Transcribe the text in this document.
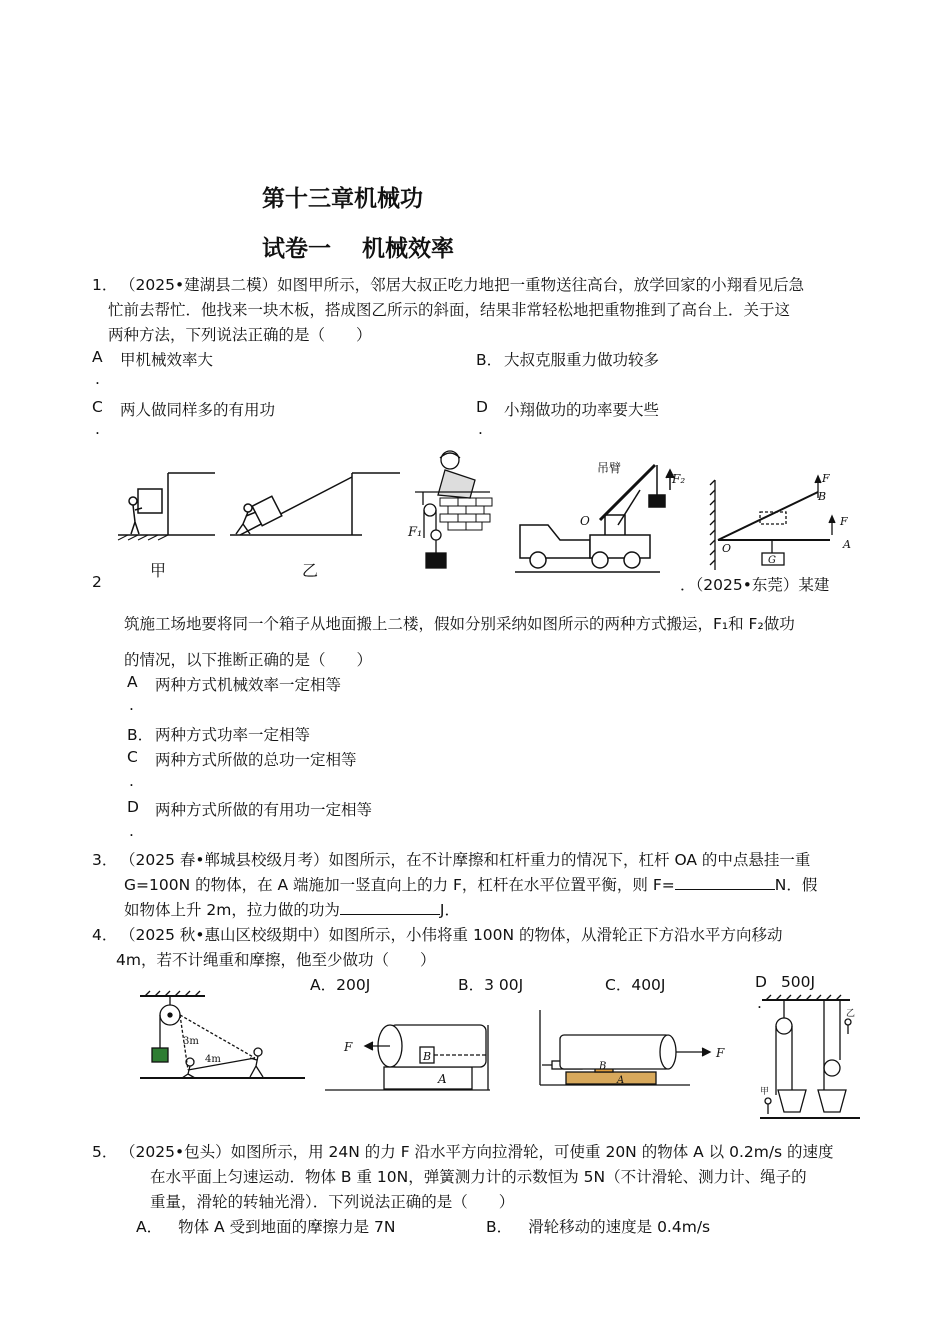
第十三章机械功
试卷一　 机械效率
1． （2025•建湖县二模）如图甲所示，邻居大叔正吃力地把一重物送往高台，放学回家的小翔看见后急
忙前去帮忙．他找来一块木板，搭成图乙所示的斜面，结果非常轻松地把重物推到了高台上．关于这
两种方法，下列说法正确的是（　　）
A 甲机械效率大
.
B． 大叔克服重力做功较多
C 两人做同样多的有用功
.
D 小翔做功的功率要大些
.
甲	乙
F₁
吊臂
F₂
O
F
B
F
A
O
G
2	．（2025•东莞）某建
筑施工场地要将同一个箱子从地面搬上二楼，假如分别采纳如图所示的两种方式搬运，F₁和 F₂做功
的情况，以下推断正确的是（　　）
A 两种方式机械效率一定相等
.
B． 两种方式功率一定相等
C 两种方式所做的总功一定相等
.
D 两种方式所做的有用功一定相等
.
3． （2025 春•郸城县校级月考）如图所示，在不计摩擦和杠杆重力的情况下，杠杆 OA 的中点悬挂一重
G=100N 的物体，在 A 端施加一竖直向上的力 F，杠杆在水平位置平衡，则 F=	N．假
如物体上升 2m，拉力做的功为	J．
4． （2025 秋•惠山区校级期中）如图所示，小伟将重 100N 的物体，从滑轮正下方沿水平方向移动
4m，若不计绳重和摩擦，他至少做功（　　）
A．200J	B．3 00J	C．400J	D 500J
.
3m
4m
F
B
A
B
A
F
甲
乙
5． （2025•包头）如图所示，用 24N 的力 F 沿水平方向拉滑轮，可使重 20N 的物体 A 以 0.2m/s 的速度
在水平面上匀速运动．物体 B 重 10N，弹簧测力计的示数恒为 5N（不计滑轮、测力计、绳子的
重量，滑轮的转轴光滑）．下列说法正确的是（　　）
A． 物体 A 受到地面的摩擦力是 7N	B． 滑轮移动的速度是 0.4m/s
